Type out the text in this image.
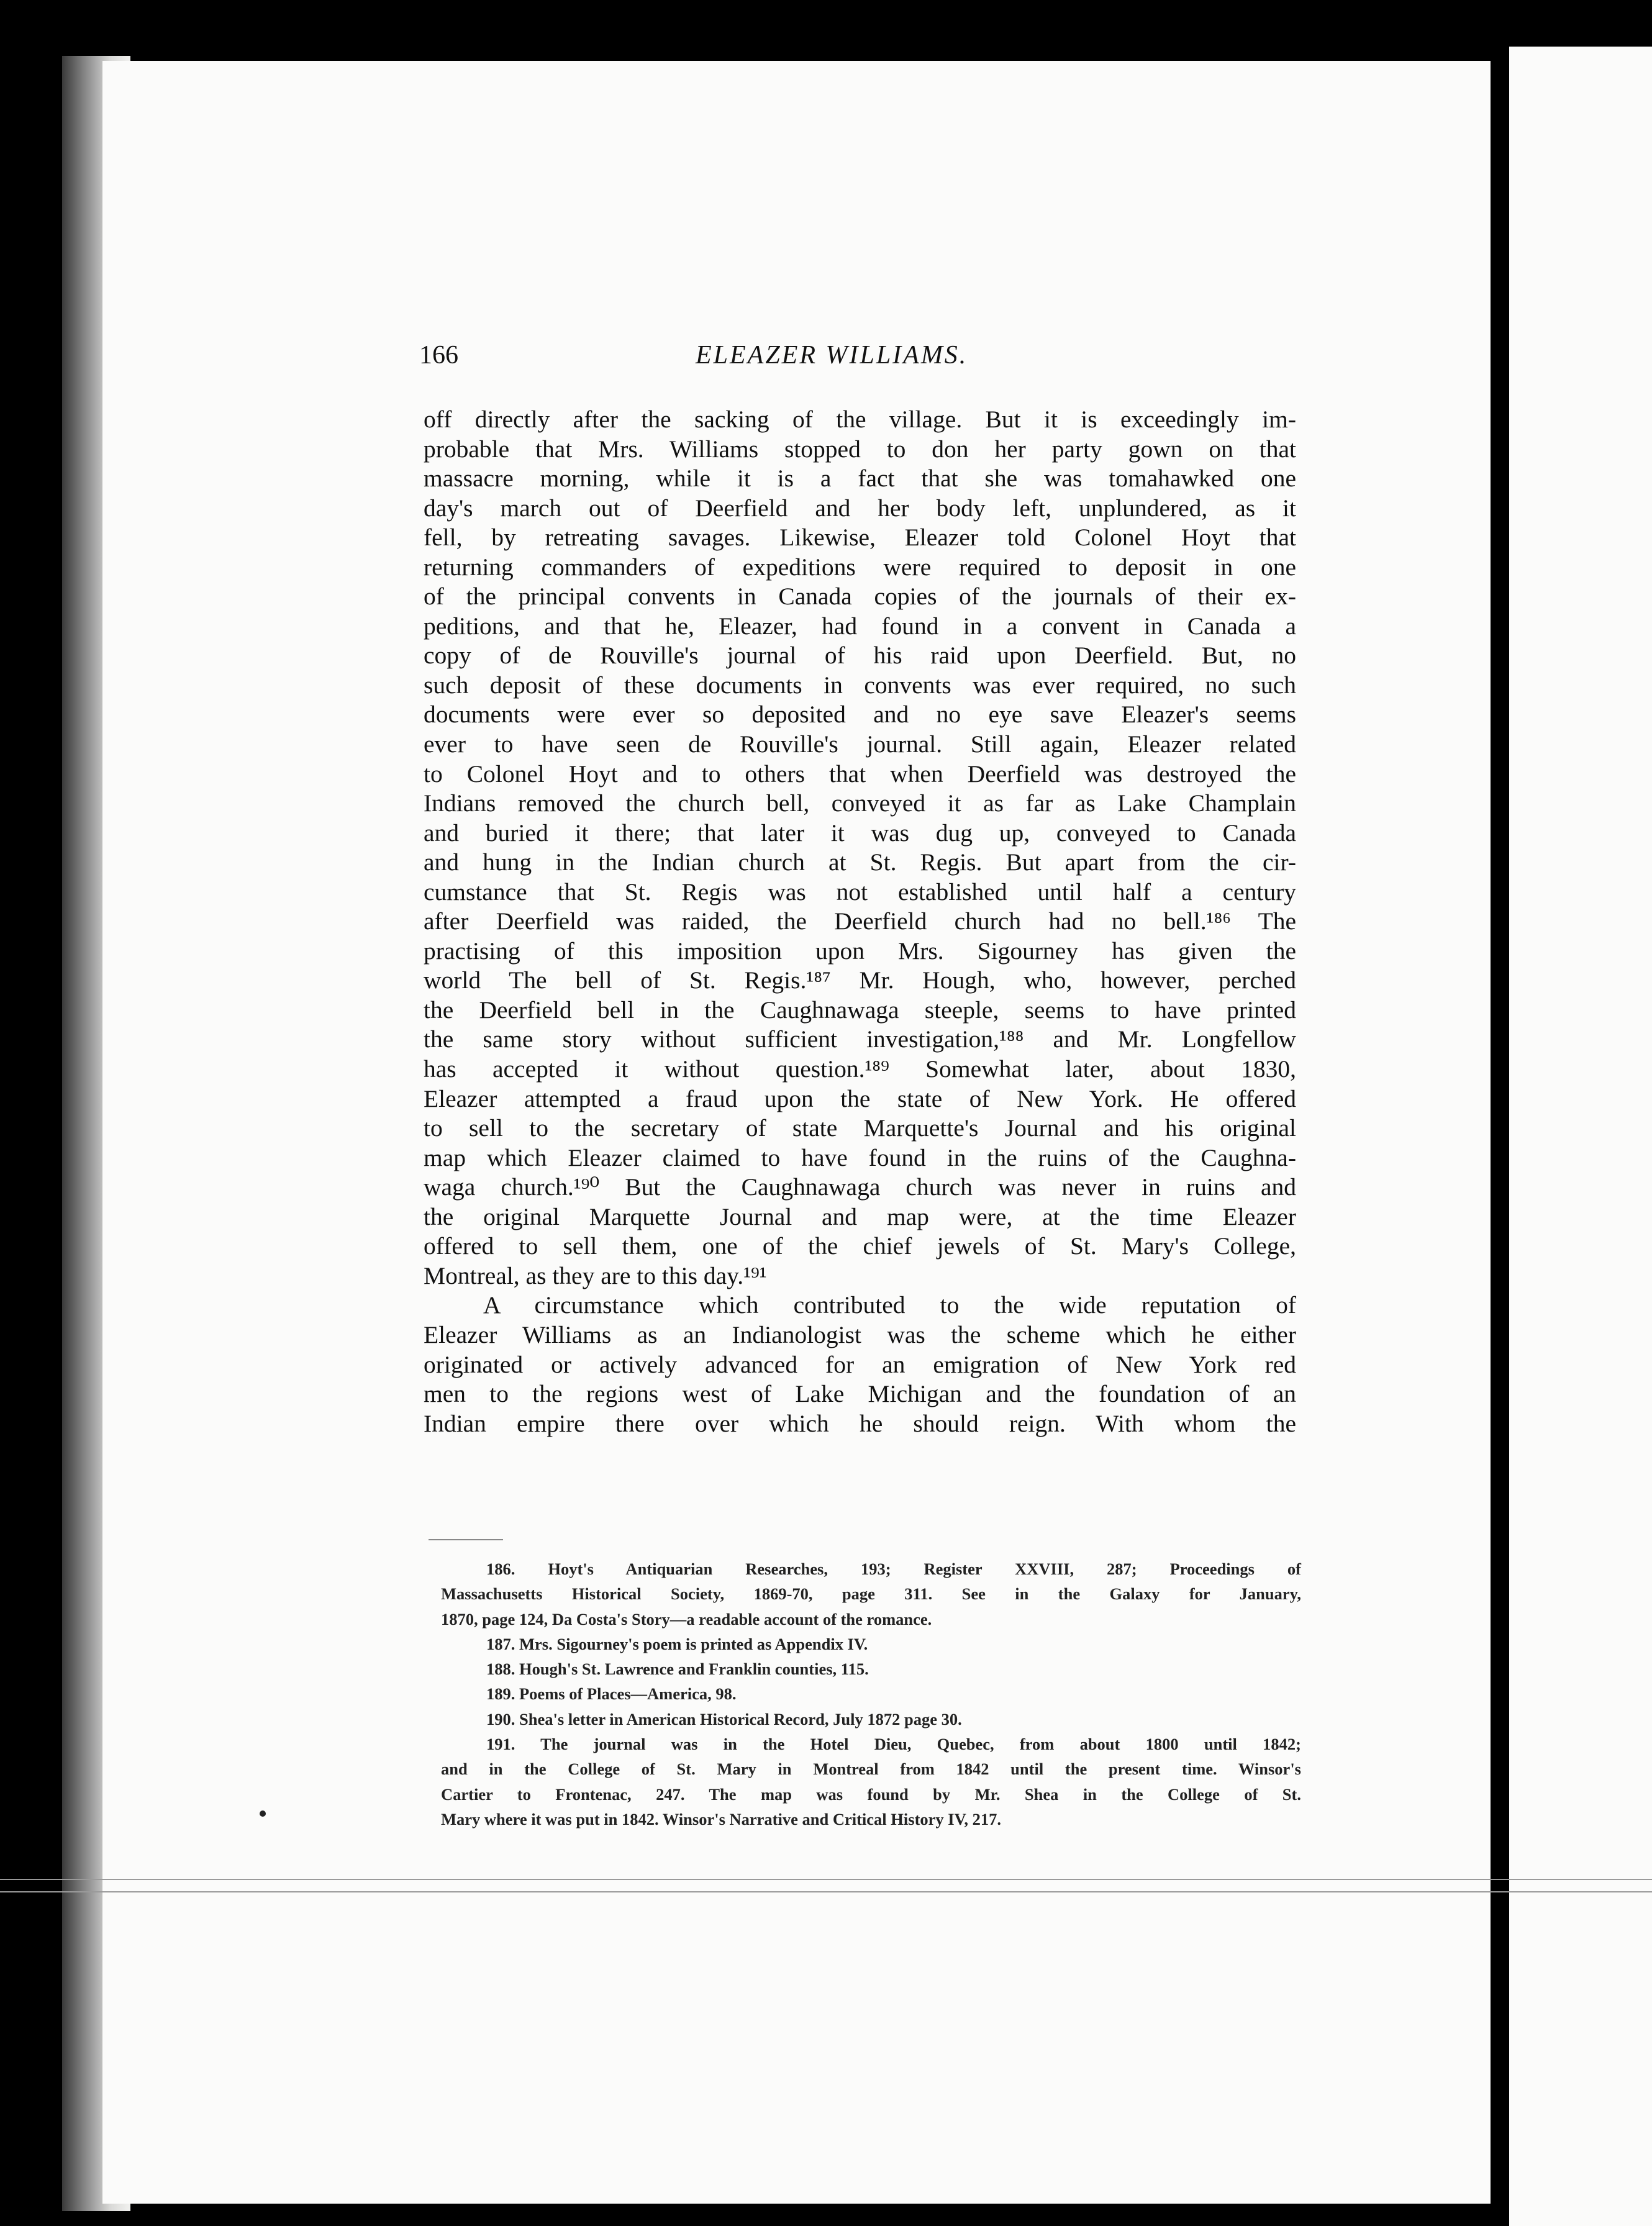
166	ELEAZER WILLIAMS.
off directly after the sacking of the village. But it is exceedingly im-
probable that Mrs. Williams stopped to don her party gown on that
massacre morning, while it is a fact that she was tomahawked one
day's march out of Deerfield and her body left, unplundered, as it
fell, by retreating savages. Likewise, Eleazer told Colonel Hoyt that
returning commanders of expeditions were required to deposit in one
of the principal convents in Canada copies of the journals of their ex-
peditions, and that he, Eleazer, had found in a convent in Canada a
copy of de Rouville's journal of his raid upon Deerfield. But, no
such deposit of these documents in convents was ever required, no such
documents were ever so deposited and no eye save Eleazer's seems
ever to have seen de Rouville's journal. Still again, Eleazer related
to Colonel Hoyt and to others that when Deerfield was destroyed the
Indians removed the church bell, conveyed it as far as Lake Champlain
and buried it there; that later it was dug up, conveyed to Canada
and hung in the Indian church at St. Regis. But apart from the cir-
cumstance that St. Regis was not established until half a century
after Deerfield was raided, the Deerfield church had no bell.¹⁸⁶ The
practising of this imposition upon Mrs. Sigourney has given the
world The bell of St. Regis.¹⁸⁷ Mr. Hough, who, however, perched
the Deerfield bell in the Caughnawaga steeple, seems to have printed
the same story without sufficient investigation,¹⁸⁸ and Mr. Longfellow
has accepted it without question.¹⁸⁹ Somewhat later, about 1830,
Eleazer attempted a fraud upon the state of New York. He offered
to sell to the secretary of state Marquette's Journal and his original
map which Eleazer claimed to have found in the ruins of the Caughna-
waga church.¹⁹⁰ But the Caughnawaga church was never in ruins and
the original Marquette Journal and map were, at the time Eleazer
offered to sell them, one of the chief jewels of St. Mary's College,
Montreal, as they are to this day.¹⁹¹
A circumstance which contributed to the wide reputation of
Eleazer Williams as an Indianologist was the scheme which he either
originated or actively advanced for an emigration of New York red
men to the regions west of Lake Michigan and the foundation of an
Indian empire there over which he should reign. With whom the
186. Hoyt's Antiquarian Researches, 193; Register XXVIII, 287; Proceedings of
Massachusetts Historical Society, 1869-70, page 311. See in the Galaxy for January,
1870, page 124, Da Costa's Story—a readable account of the romance.
187. Mrs. Sigourney's poem is printed as Appendix IV.
188. Hough's St. Lawrence and Franklin counties, 115.
189. Poems of Places—America, 98.
190. Shea's letter in American Historical Record, July 1872 page 30.
191. The journal was in the Hotel Dieu, Quebec, from about 1800 until 1842;
and in the College of St. Mary in Montreal from 1842 until the present time. Winsor's
Cartier to Frontenac, 247. The map was found by Mr. Shea in the College of St.
Mary where it was put in 1842. Winsor's Narrative and Critical History IV, 217.
